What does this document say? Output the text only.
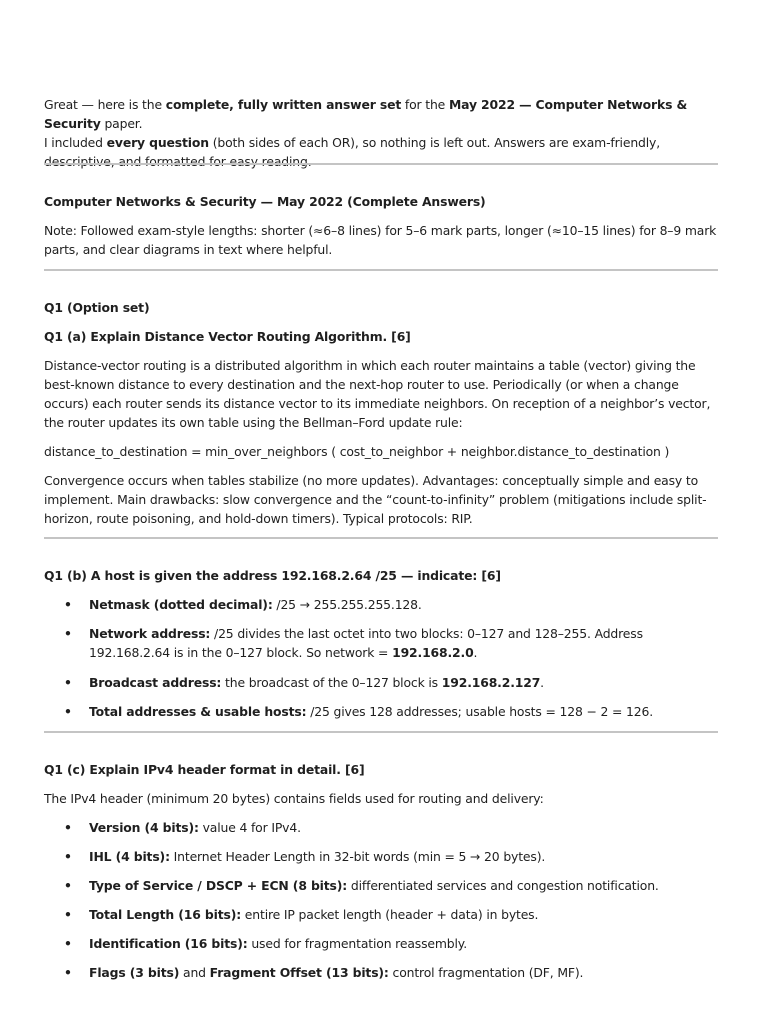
Great — here is the complete, fully written answer set for the May 2022 — Computer Networks & Security paper.
I included every question (both sides of each OR), so nothing is left out. Answers are exam-friendly, descriptive, and formatted for easy reading.

Computer Networks & Security — May 2022 (Complete Answers)

Note: Followed exam-style lengths: shorter (≈6–8 lines) for 5–6 mark parts, longer (≈10–15 lines) for 8–9 mark parts, and clear diagrams in text where helpful.

Q1 (Option set)

Q1 (a) Explain Distance Vector Routing Algorithm. [6]

Distance-vector routing is a distributed algorithm in which each router maintains a table (vector) giving the best-known distance to every destination and the next-hop router to use. Periodically (or when a change occurs) each router sends its distance vector to its immediate neighbors. On reception of a neighbor’s vector, the router updates its own table using the Bellman–Ford update rule:

distance_to_destination = min_over_neighbors ( cost_to_neighbor + neighbor.distance_to_destination )

Convergence occurs when tables stabilize (no more updates). Advantages: conceptually simple and easy to implement. Main drawbacks: slow convergence and the “count-to-infinity” problem (mitigations include split-horizon, route poisoning, and hold-down timers). Typical protocols: RIP.

Q1 (b) A host is given the address 192.168.2.64 /25 — indicate: [6]

• Netmask (dotted decimal): /25 → 255.255.255.128.
• Network address: /25 divides the last octet into two blocks: 0–127 and 128–255. Address 192.168.2.64 is in the 0–127 block. So network = 192.168.2.0.
• Broadcast address: the broadcast of the 0–127 block is 192.168.2.127.
• Total addresses & usable hosts: /25 gives 128 addresses; usable hosts = 128 − 2 = 126.

Q1 (c) Explain IPv4 header format in detail. [6]

The IPv4 header (minimum 20 bytes) contains fields used for routing and delivery:

• Version (4 bits): value 4 for IPv4.
• IHL (4 bits): Internet Header Length in 32-bit words (min = 5 → 20 bytes).
• Type of Service / DSCP + ECN (8 bits): differentiated services and congestion notification.
• Total Length (16 bits): entire IP packet length (header + data) in bytes.
• Identification (16 bits): used for fragmentation reassembly.
• Flags (3 bits) and Fragment Offset (13 bits): control fragmentation (DF, MF).
